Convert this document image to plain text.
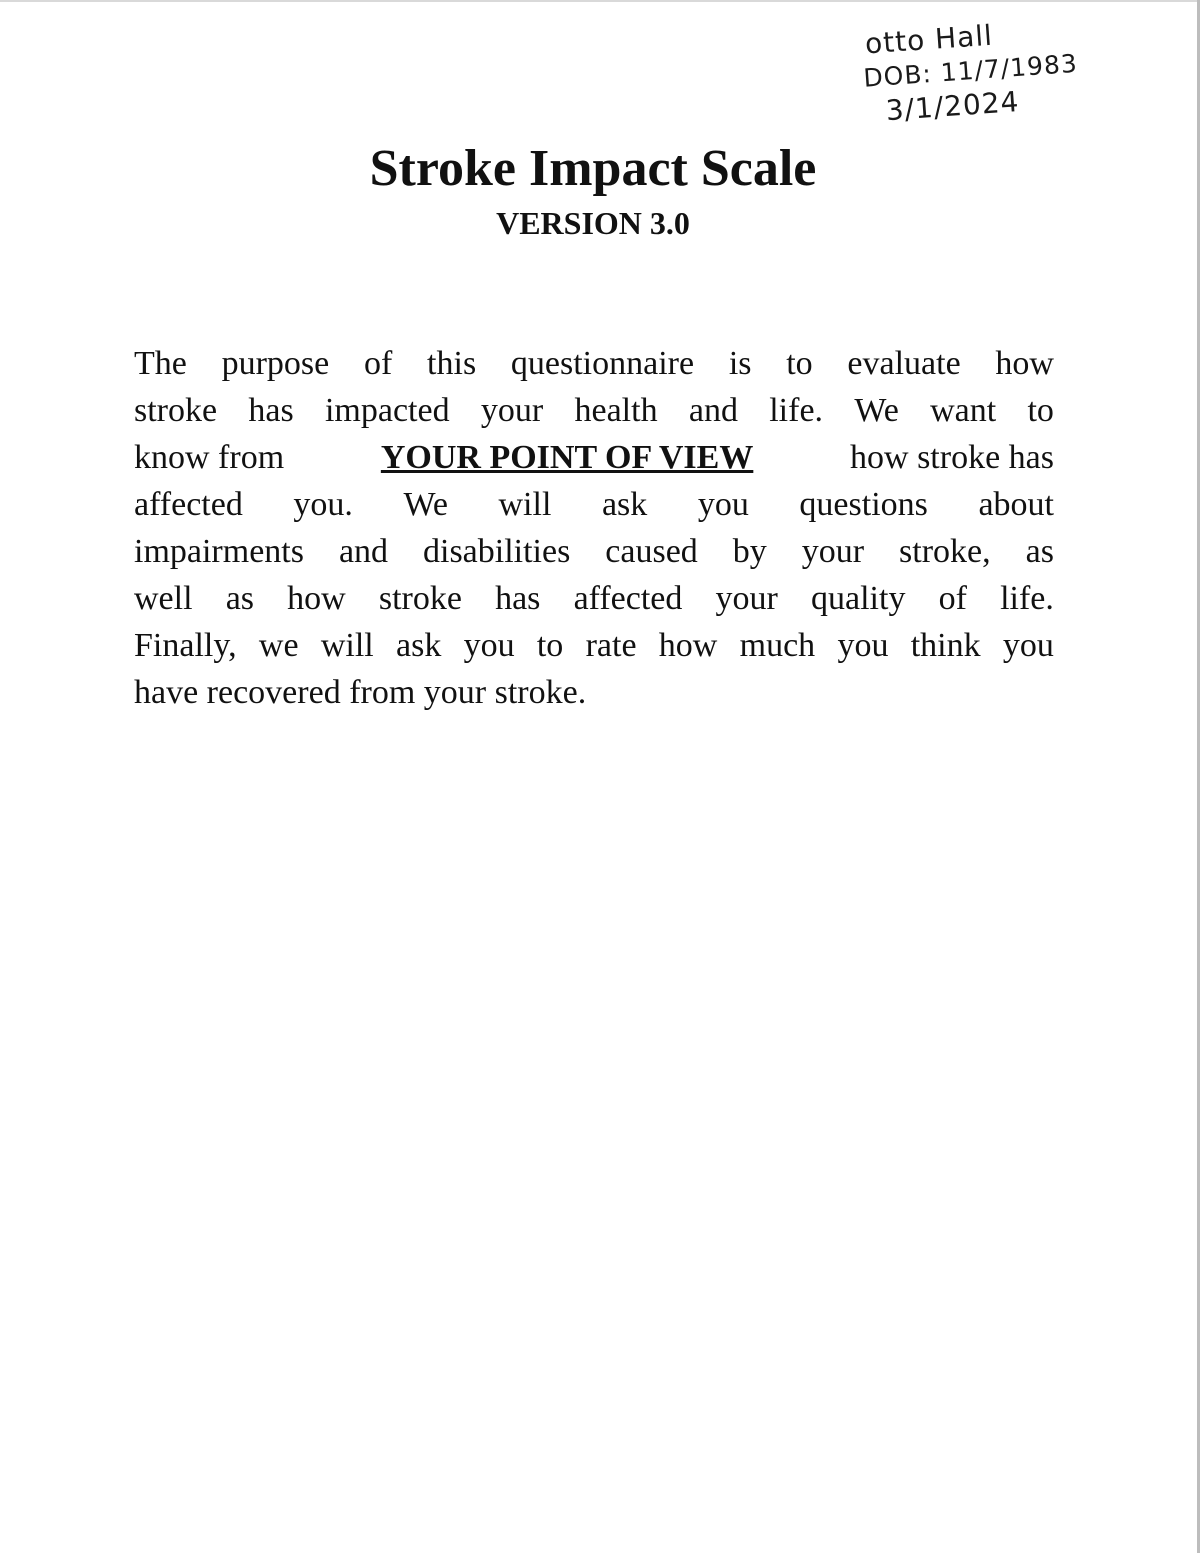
otto Hall
DOB: 11/7/1983
3/1/2024
Stroke Impact Scale
VERSION 3.0
The purpose of this questionnaire is to evaluate how
stroke has impacted your health and life. We want to
know from	YOUR POINT OF VIEW	how stroke has
affected you. We will ask you questions about
impairments and disabilities caused by your stroke, as
well as how stroke has affected your quality of life.
Finally, we will ask you to rate how much you think you
have recovered from your stroke.
